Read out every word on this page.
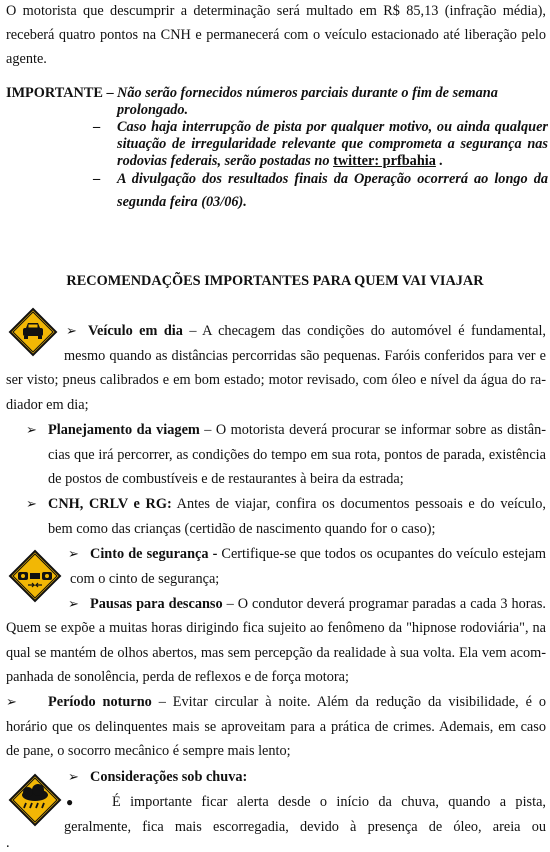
O motorista que descumprir a determinação será multado em R$ 85,13 (infração média),
receberá quatro pontos na CNH e permanecerá com o veículo estacionado até liberação pelo
agente.
IMPORTANTE – Não serão fornecidos números parciais durante o fim de semana
prolongado.
– Caso haja interrupção de pista por qualquer motivo, ou ainda qualquer
situação de irregularidade relevante que comprometa a segurança nas
rodovias federais, serão postadas no twitter: prfbahia .
– A divulgação dos resultados finais da Operação ocorrerá ao longo da
segunda feira (03/06).
RECOMENDAÇÕES IMPORTANTES PARA QUEM VAI VIAJAR
➢ Veículo em dia – A checagem das condições do automóvel é fundamental,
mesmo quando as distâncias percorridas são pequenas. Faróis conferidos para ver e
ser visto; pneus calibrados e em bom estado; motor revisado, com óleo e nível da água do ra-
diador em dia;
➢ Planejamento da viagem – O motorista deverá procurar se informar sobre as distân-
cias que irá percorrer, as condições do tempo em sua rota, pontos de parada, existência
de postos de combustíveis e de restaurantes à beira da estrada;
➢ CNH, CRLV e RG: Antes de viajar, confira os documentos pessoais e do veículo,
bem como das crianças (certidão de nascimento quando for o caso);
➢ Cinto de segurança - Certifique-se que todos os ocupantes do veículo estejam
com o cinto de segurança;
➢ Pausas para descanso – O condutor deverá programar paradas a cada 3 horas.
Quem se expõe a muitas horas dirigindo fica sujeito ao fenômeno da "hipnose rodoviária", na
qual se mantém de olhos abertos, mas sem percepção da realidade à sua volta. Ela vem acom-
panhada de sonolência, perda de reflexos e de força motora;
➢ Período noturno – Evitar circular à noite. Além da redução da visibilidade, é o
horário que os delinquentes mais se aproveitam para a prática de crimes. Ademais, em caso
de pane, o socorro mecânico é sempre mais lento;
➢ Considerações sob chuva:
●	É importante ficar alerta desde o início da chuva, quando a pista,
geralmente, fica mais escorregadia, devido à presença de óleo, areia ou
.
